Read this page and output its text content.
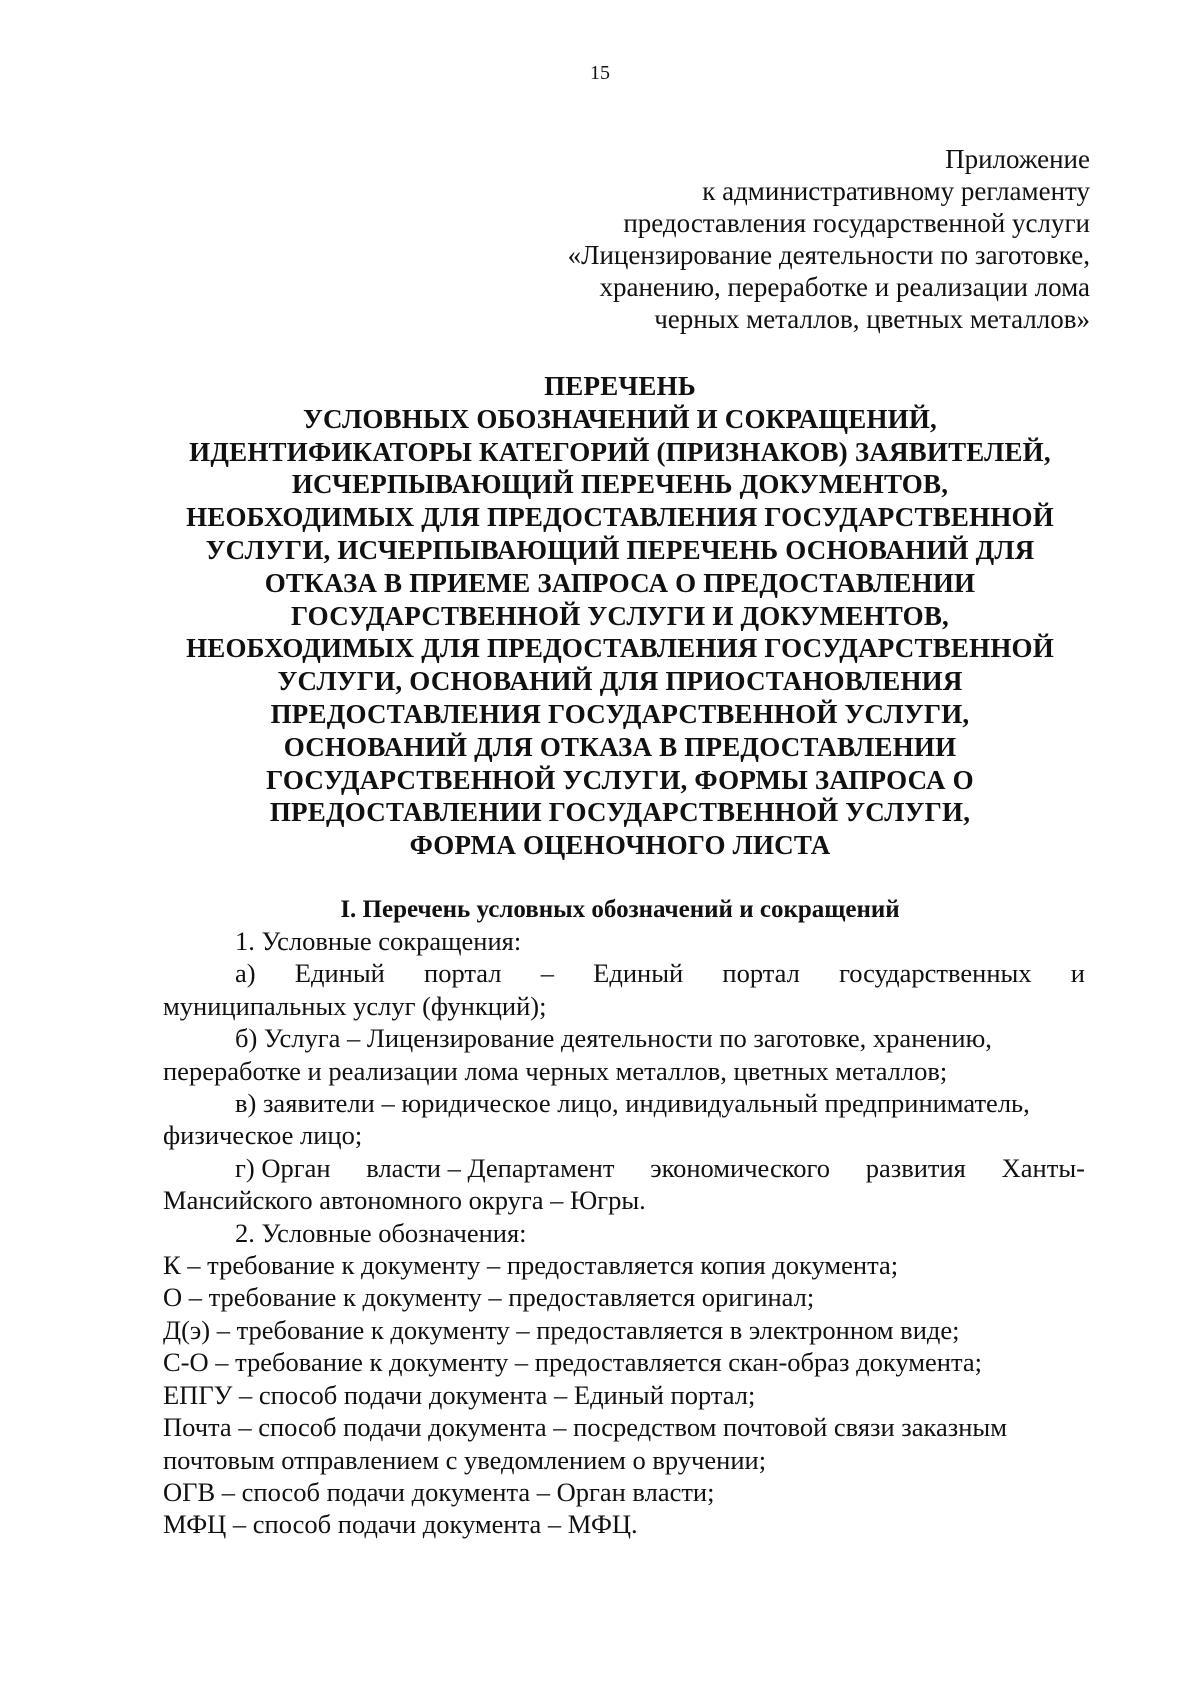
15
Приложение
к административному регламенту
предоставления государственной услуги
«Лицензирование деятельности по заготовке,
хранению, переработке и реализации лома
черных металлов, цветных металлов»
ПЕРЕЧЕНЬ
УСЛОВНЫХ ОБОЗНАЧЕНИЙ И СОКРАЩЕНИЙ,
ИДЕНТИФИКАТОРЫ КАТЕГОРИЙ (ПРИЗНАКОВ) ЗАЯВИТЕЛЕЙ,
ИСЧЕРПЫВАЮЩИЙ ПЕРЕЧЕНЬ ДОКУМЕНТОВ,
НЕОБХОДИМЫХ ДЛЯ ПРЕДОСТАВЛЕНИЯ ГОСУДАРСТВЕННОЙ
УСЛУГИ, ИСЧЕРПЫВАЮЩИЙ ПЕРЕЧЕНЬ ОСНОВАНИЙ ДЛЯ
ОТКАЗА В ПРИЕМЕ ЗАПРОСА О ПРЕДОСТАВЛЕНИИ
ГОСУДАРСТВЕННОЙ УСЛУГИ И ДОКУМЕНТОВ,
НЕОБХОДИМЫХ ДЛЯ ПРЕДОСТАВЛЕНИЯ ГОСУДАРСТВЕННОЙ
УСЛУГИ, ОСНОВАНИЙ ДЛЯ ПРИОСТАНОВЛЕНИЯ
ПРЕДОСТАВЛЕНИЯ ГОСУДАРСТВЕННОЙ УСЛУГИ,
ОСНОВАНИЙ ДЛЯ ОТКАЗА В ПРЕДОСТАВЛЕНИИ
ГОСУДАРСТВЕННОЙ УСЛУГИ, ФОРМЫ ЗАПРОСА О
ПРЕДОСТАВЛЕНИИ ГОСУДАРСТВЕННОЙ УСЛУГИ,
ФОРМА ОЦЕНОЧНОГО ЛИСТА
I. Перечень условных обозначений и сокращений
1. Условные сокращения:
а) Единый портал – Единый портал государственных и
муниципальных услуг (функций);
б) Услуга – Лицензирование деятельности по заготовке, хранению,
переработке и реализации лома черных металлов, цветных металлов;
в) заявители – юридическое лицо, индивидуальный предприниматель,
физическое лицо;
г) Орган власти – Департамент экономического развития Ханты-
Мансийского автономного округа – Югры.
2. Условные обозначения:
К – требование к документу – предоставляется копия документа;
О – требование к документу – предоставляется оригинал;
Д(э) – требование к документу – предоставляется в электронном виде;
С-О – требование к документу – предоставляется скан-образ документа;
ЕПГУ – способ подачи документа – Единый портал;
Почта – способ подачи документа – посредством почтовой связи заказным
почтовым отправлением с уведомлением о вручении;
ОГВ – способ подачи документа – Орган власти;
МФЦ – способ подачи документа – МФЦ.
